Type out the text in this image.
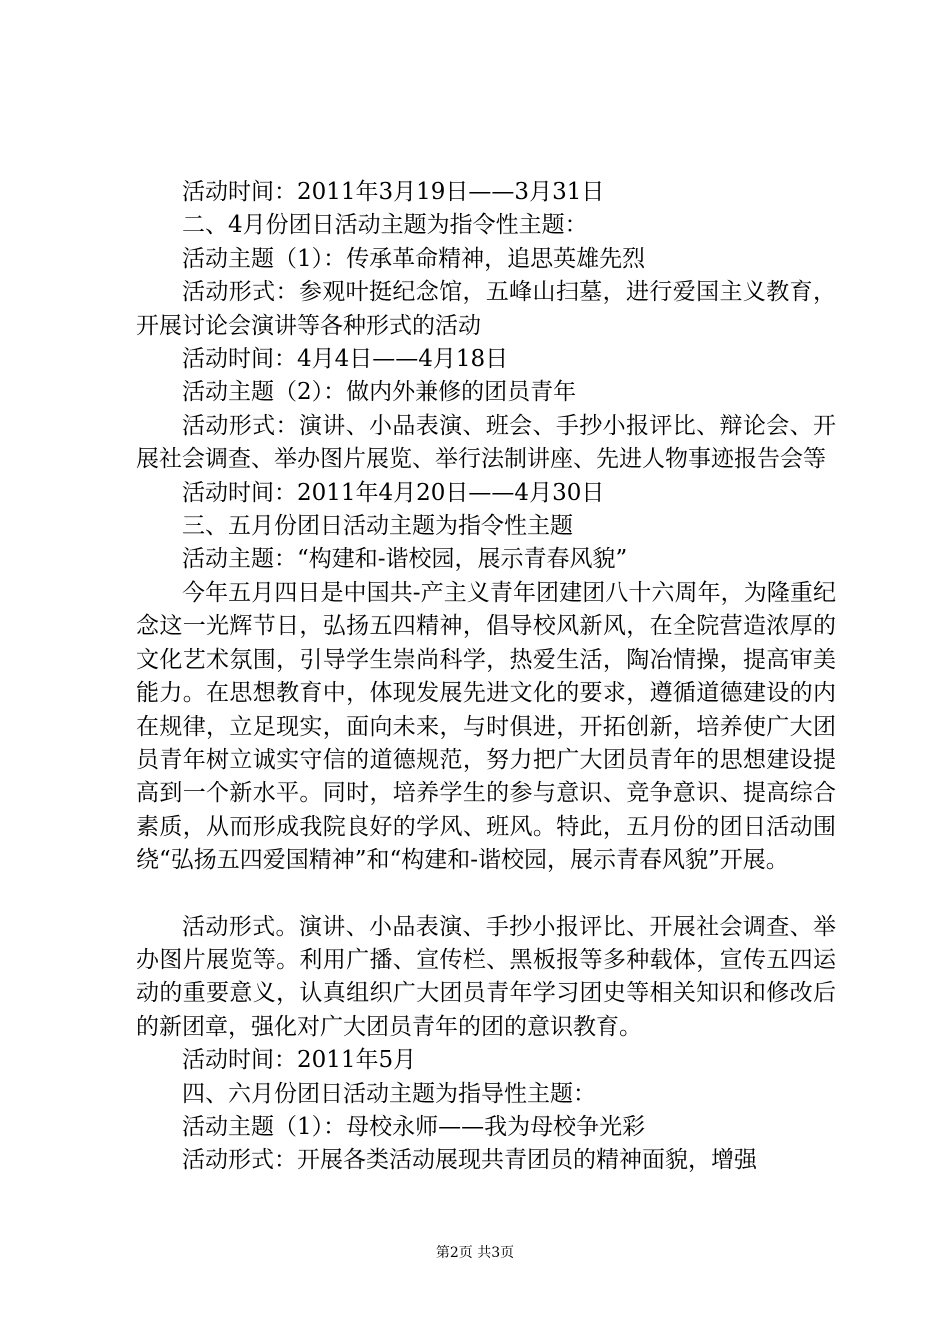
活动时间：2011年3月19日——3月31日

二、4月份团日活动主题为指令性主题：

活动主题（1）：传承革命精神，追思英雄先烈

活动形式：参观叶挺纪念馆，五峰山扫墓，进行爱国主义教育，开展讨论会演讲等各种形式的活动

活动时间：4月4日——4月18日

活动主题（2）：做内外兼修的团员青年

活动形式：演讲、小品表演、班会、手抄小报评比、辩论会、开展社会调查、举办图片展览、举行法制讲座、先进人物事迹报告会等

活动时间：2011年4月20日——4月30日

三、五月份团日活动主题为指令性主题

活动主题：“构建和-谐校园，展示青春风貌”

今年五月四日是中国共-产主义青年团建团八十六周年，为隆重纪念这一光辉节日，弘扬五四精神，倡导校风新风，在全院营造浓厚的文化艺术氛围，引导学生崇尚科学，热爱生活，陶冶情操，提高审美能力。在思想教育中，体现发展先进文化的要求，遵循道德建设的内在规律，立足现实，面向未来，与时俱进，开拓创新，培养使广大团员青年树立诚实守信的道德规范，努力把广大团员青年的思想建设提高到一个新水平。同时，培养学生的参与意识、竞争意识、提高综合素质，从而形成我院良好的学风、班风。特此，五月份的团日活动围绕“弘扬五四爱国精神”和“构建和-谐校园，展示青春风貌”开展。

活动形式。演讲、小品表演、手抄小报评比、开展社会调查、举办图片展览等。利用广播、宣传栏、黑板报等多种载体，宣传五四运动的重要意义，认真组织广大团员青年学习团史等相关知识和修改后的新团章，强化对广大团员青年的团的意识教育。

活动时间：2011年5月

四、六月份团日活动主题为指导性主题：

活动主题（1）：母校永师——我为母校争光彩

活动形式：开展各类活动展现共青团员的精神面貌，增强

第2页 共3页
